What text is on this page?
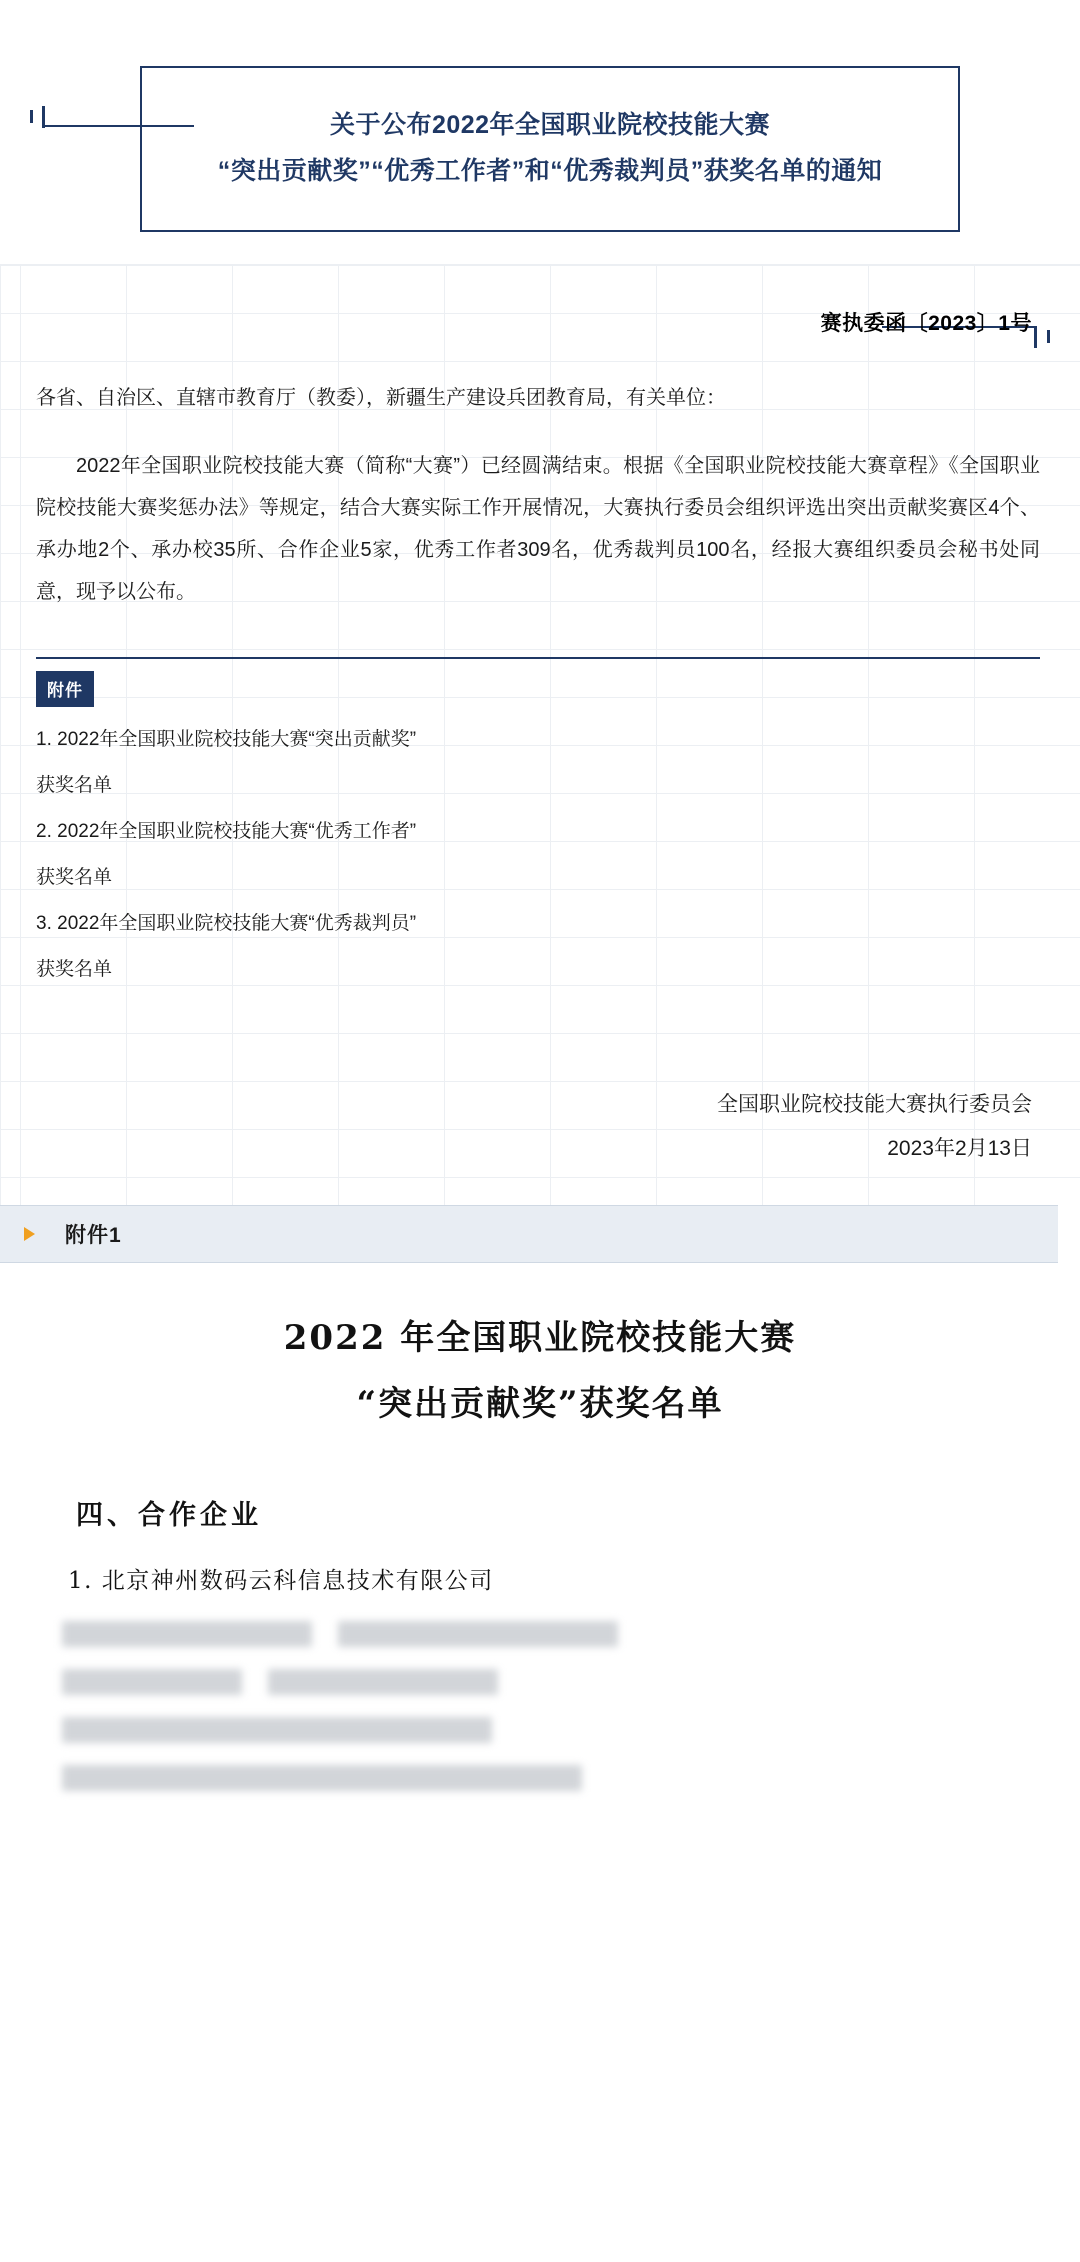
关于公布2022年全国职业院校技能大赛
“突出贡献奖”“优秀工作者”和“优秀裁判员”获奖名单的通知
赛执委函〔2023〕1号
各省、自治区、直辖市教育厅（教委），新疆生产建设兵团教育局，有关单位：
2022年全国职业院校技能大赛（简称“大赛”）已经圆满结束。根据《全国职业院校技能大赛章程》《全国职业院校技能大赛奖惩办法》等规定，结合大赛实际工作开展情况，大赛执行委员会组织评选出突出贡献奖赛区4个、承办地2个、承办校35所、合作企业5家，优秀工作者309名，优秀裁判员100名，经报大赛组织委员会秘书处同意，现予以公布。
附件
1. 2022年全国职业院校技能大赛“突出贡献奖”
获奖名单
2. 2022年全国职业院校技能大赛“优秀工作者”
获奖名单
3. 2022年全国职业院校技能大赛“优秀裁判员”
获奖名单
全国职业院校技能大赛执行委员会
2023年2月13日
附件1
2022 年全国职业院校技能大赛
“突出贡献奖”获奖名单
四、合作企业
1. 北京神州数码云科信息技术有限公司
